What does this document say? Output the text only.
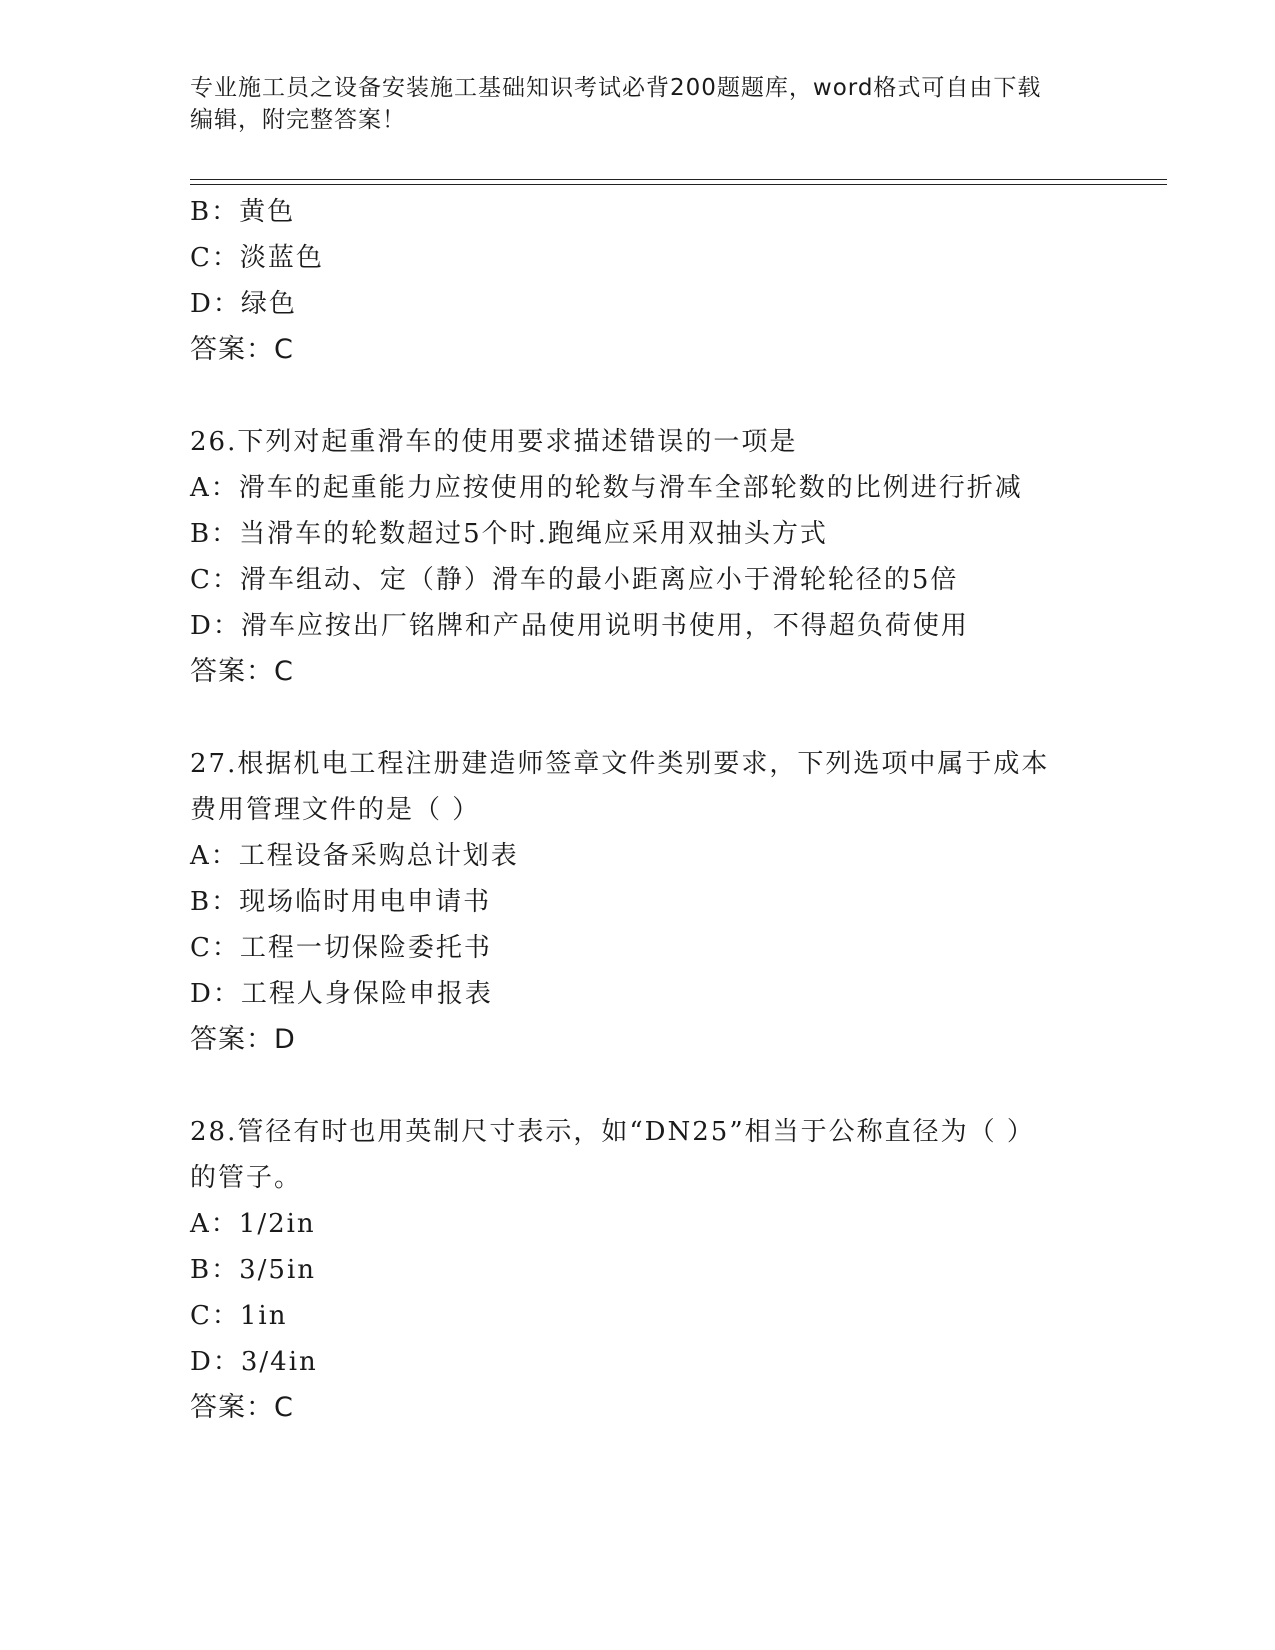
专业施工员之设备安装施工基础知识考试必背200题题库，word格式可自由下载
编辑，附完整答案！
B：黄色
C：淡蓝色
D：绿色
答案：C
26.下列对起重滑车的使用要求描述错误的一项是
A：滑车的起重能力应按使用的轮数与滑车全部轮数的比例进行折减
B：当滑车的轮数超过5个时.跑绳应采用双抽头方式
C：滑车组动、定（静）滑车的最小距离应小于滑轮轮径的5倍
D：滑车应按出厂铭牌和产品使用说明书使用，不得超负荷使用
答案：C
27.根据机电工程注册建造师签章文件类别要求，下列选项中属于成本
费用管理文件的是（ ）
A：工程设备采购总计划表
B：现场临时用电申请书
C：工程一切保险委托书
D：工程人身保险申报表
答案：D
28.管径有时也用英制尺寸表示，如“DN25”相当于公称直径为（ ）
的管子。
A：1/2in
B：3/5in
C：1in
D：3/4in
答案：C
